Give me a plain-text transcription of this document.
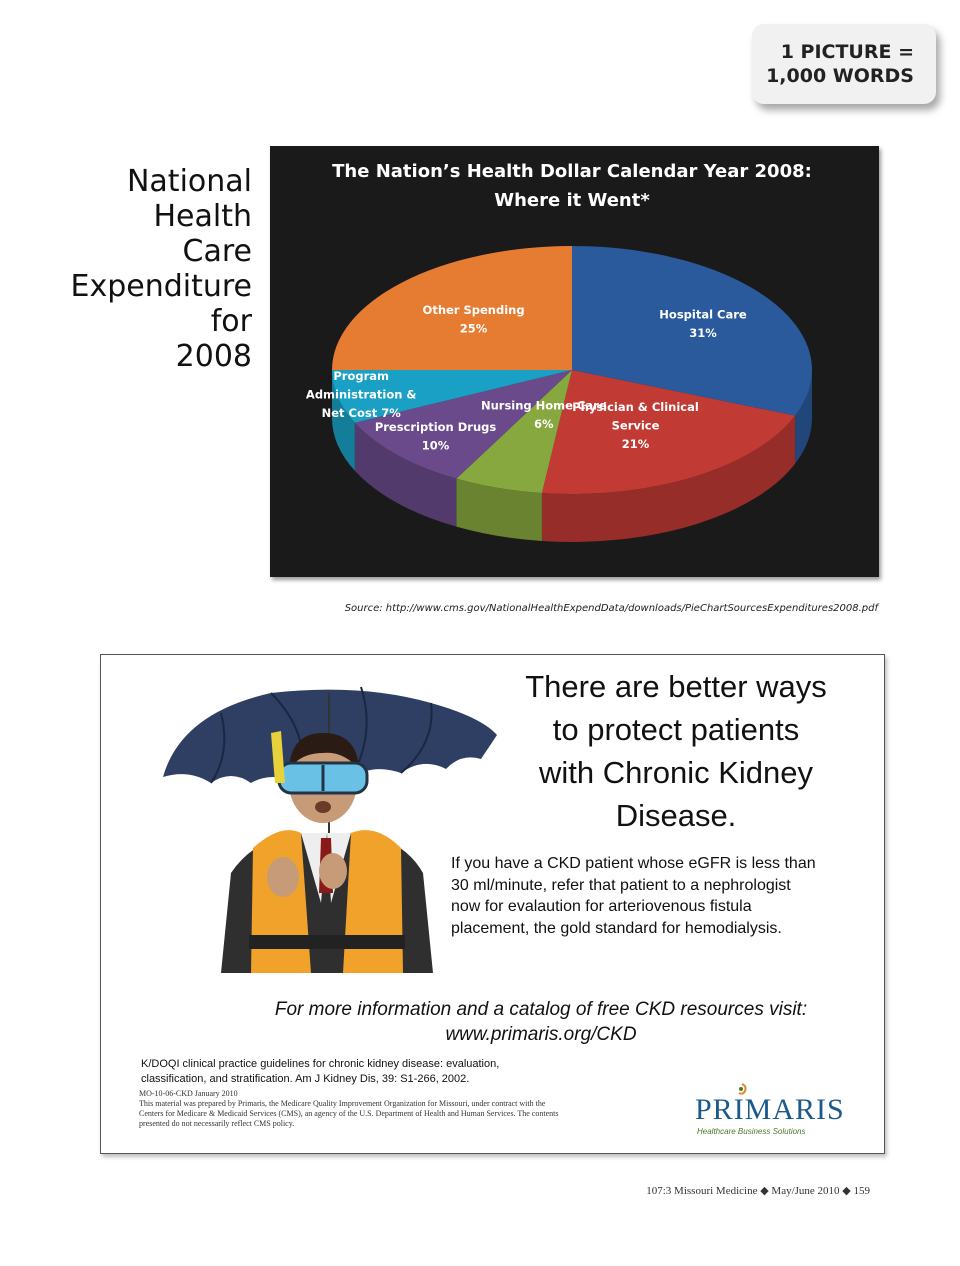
1 PICTURE =
1,000 WORDS
National
Health
Care
Expenditure
for
2008
The Nation’s Health Dollar Calendar Year 2008:
Where it Went*
Hospital Care
31%
Physician & Clinical
Service
21%
Nursing Home Care
6%
Prescription Drugs
10%
Program
Administration &
Net Cost 7%
Other Spending
25%
Source: http://www.cms.gov/NationalHealthExpendData/downloads/PieChartSourcesExpenditures2008.pdf
There are better ways
to protect patients
with Chronic Kidney
Disease.
If you have a CKD patient whose eGFR is less than
30 ml/minute, refer that patient to a nephrologist
now for evalaution for arteriovenous fistula
placement, the gold standard for hemodialysis.
For more information and a catalog of free CKD resources visit:
www.primaris.org/CKD
K/DOQI clinical practice guidelines for chronic kidney disease: evaluation,
classification, and stratification. Am J Kidney Dis, 39: S1-266, 2002.
MO-10-06-CKD January 2010
This material was prepared by Primaris, the Medicare Quality Improvement Organization for Missouri, under contract with the
Centers for Medicare & Medicaid Services (CMS), an agency of the U.S. Department of Health and Human Services. The contents
presented do not necessarily reflect CMS policy.	PRIMARIS
Healthcare Business Solutions
107:3 Missouri Medicine ◆ May/June 2010 ◆ 159
